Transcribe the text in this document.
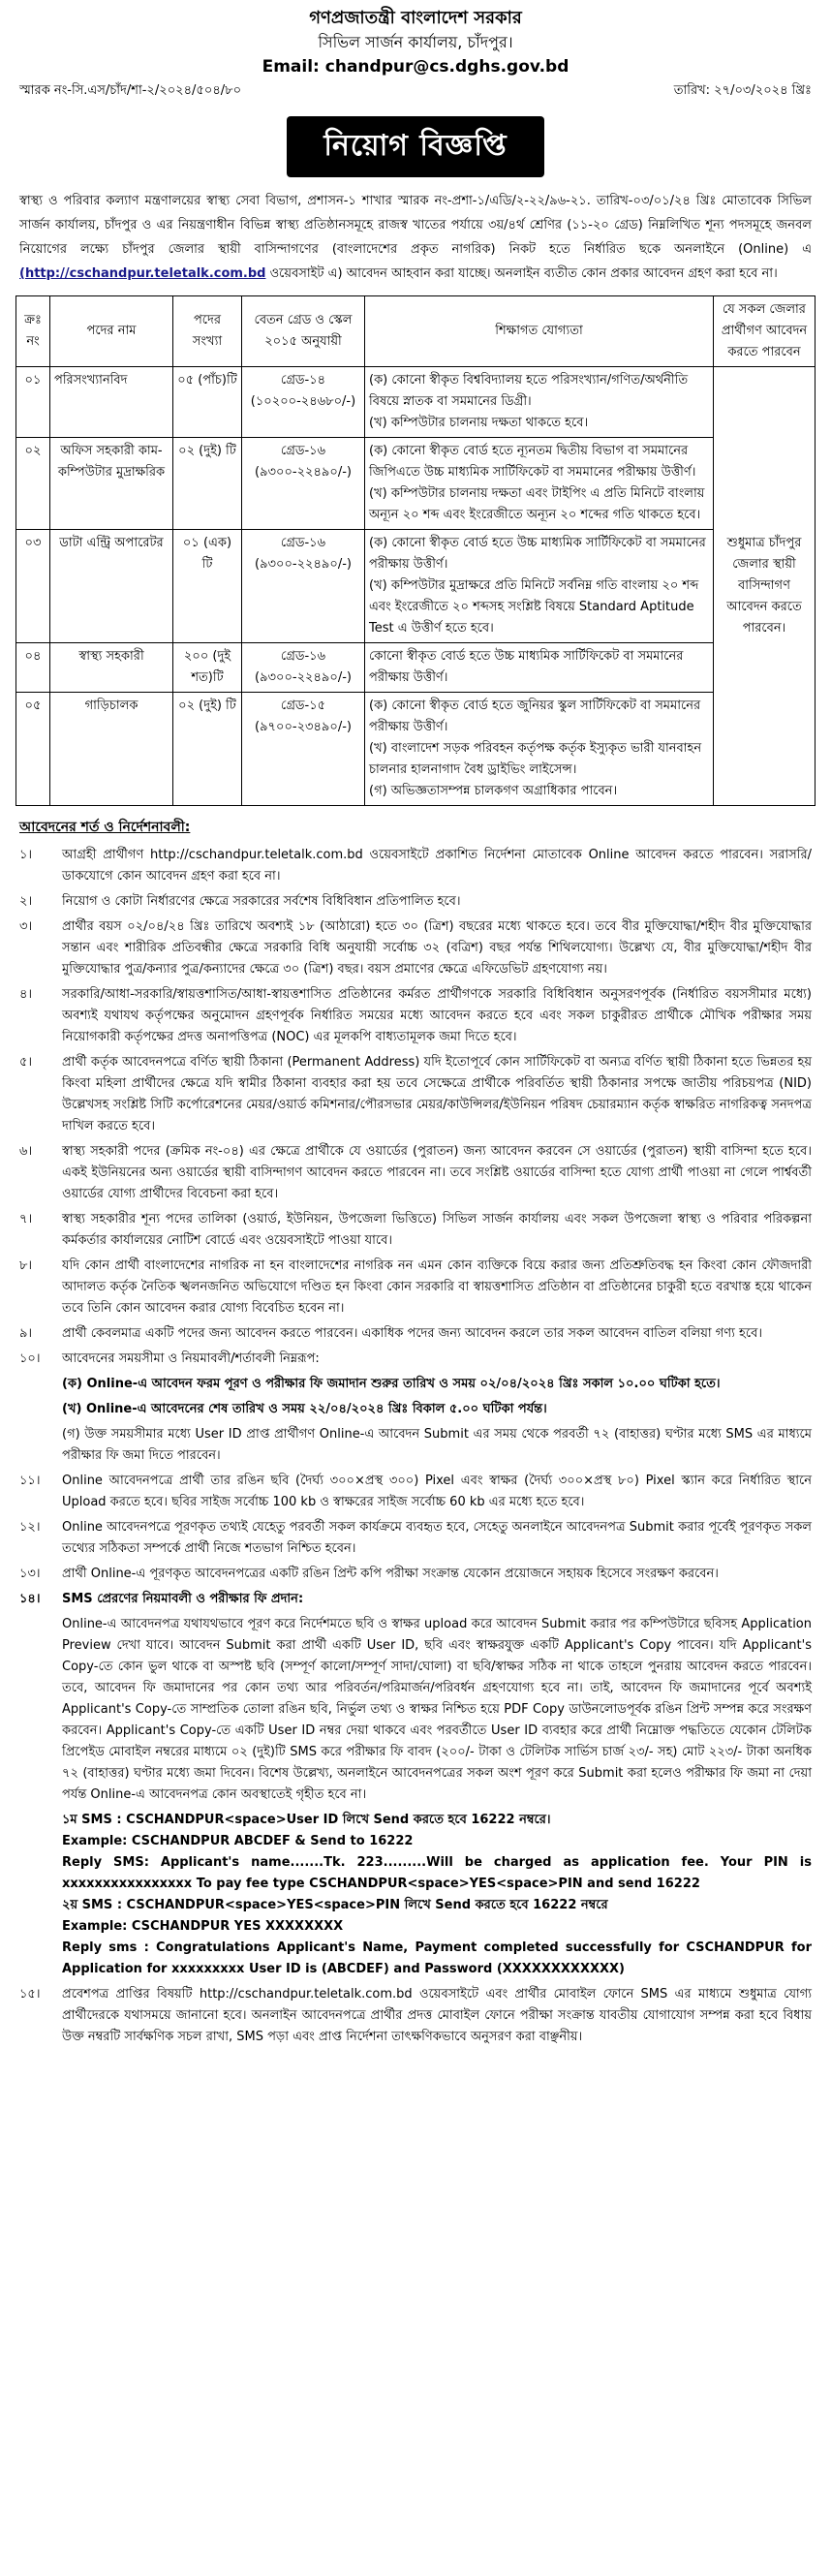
গণপ্রজাতন্ত্রী বাংলাদেশ সরকার
সিভিল সার্জন কার্যালয়, চাঁদপুর।
Email: chandpur@cs.dghs.gov.bd
স্মারক নং-সি.এস/চাঁদ/শা-২/২০২৪/৫০৪/৮০	তারিখ: ২৭/০৩/২০২৪ খ্রিঃ
নিয়োগ বিজ্ঞপ্তি
স্বাস্থ্য ও পরিবার কল্যাণ মন্ত্রণালয়ের স্বাস্থ্য সেবা বিভাগ, প্রশাসন-১ শাখার স্মারক নং-প্রশা-১/এডি/২-২২/৯৬-২১. তারিখ-০৩/০১/২৪ খ্রিঃ মোতাবেক সিভিল সার্জন কার্যালয়, চাঁদপুর ও এর নিয়ন্ত্রণাধীন বিভিন্ন স্বাস্থ্য প্রতিষ্ঠানসমূহে রাজস্ব খাতের পর্যায়ে ৩য়/৪র্থ শ্রেণির (১১-২০ গ্রেড) নিম্নলিখিত শূন্য পদসমূহে জনবল নিয়োগের লক্ষ্যে চাঁদপুর জেলার স্থায়ী বাসিন্দাগণের (বাংলাদেশের প্রকৃত নাগরিক) নিকট হতে নির্ধারিত ছকে অনলাইনে (Online) এ (http://cschandpur.teletalk.com.bd ওয়েবসাইট এ) আবেদন আহবান করা যাচ্ছে। অনলাইন ব্যতীত কোন প্রকার আবেদন গ্রহণ করা হবে না।
ক্রঃ নং	পদের নাম	পদের সংখ্যা	বেতন গ্রেড ও স্কেল ২০১৫ অনুযায়ী	শিক্ষাগত যোগ্যতা	যে সকল জেলার প্রার্থীগণ আবেদন করতে পারবেন
০১	পরিসংখ্যানবিদ	০৫ (পাঁচ)টি	গ্রেড-১৪ (১০২০০-২৪৬৮০/-)	(ক) কোনো স্বীকৃত বিশ্ববিদ্যালয় হতে পরিসংখ্যান/গণিত/অর্থনীতি বিষয়ে স্নাতক বা সমমানের ডিগ্রী।
(খ) কম্পিউটার চালনায় দক্ষতা থাকতে হবে।	শুধুমাত্র চাঁদপুর জেলার স্থায়ী বাসিন্দাগণ আবেদন করতে পারবেন।
০২	অফিস সহকারী কাম-কম্পিউটার মুদ্রাক্ষরিক	০২ (দুই) টি	গ্রেড-১৬ (৯৩০০-২২৪৯০/-)	(ক) কোনো স্বীকৃত বোর্ড হতে ন্যূনতম দ্বিতীয় বিভাগ বা সমমানের জিপিএতে উচ্চ মাধ্যমিক সার্টিফিকেট বা সমমানের পরীক্ষায় উত্তীর্ণ।
(খ) কম্পিউটার চালনায় দক্ষতা এবং টাইপিং এ প্রতি মিনিটে বাংলায় অন্যূন ২০ শব্দ এবং ইংরেজীতে অন্যূন ২০ শব্দের গতি থাকতে হবে।	

০৩	ডাটা এন্ট্রি অপারেটর	০১ (এক) টি	গ্রেড-১৬ (৯৩০০-২২৪৯০/-)	(ক) কোনো স্বীকৃত বোর্ড হতে উচ্চ মাধ্যমিক সার্টিফিকেট বা সমমানের পরীক্ষায় উত্তীর্ণ।
(খ) কম্পিউটার মুদ্রাক্ষরে প্রতি মিনিটে সর্বনিম্ন গতি বাংলায় ২০ শব্দ এবং ইংরেজীতে ২০ শব্দসহ সংশ্লিষ্ট বিষয়ে Standard Aptitude Test এ উত্তীর্ণ হতে হবে।	

০৪	স্বাস্থ্য সহকারী	২০০ (দুই শত)টি	গ্রেড-১৬ (৯৩০০-২২৪৯০/-)	কোনো স্বীকৃত বোর্ড হতে উচ্চ মাধ্যমিক সার্টিফিকেট বা সমমানের পরীক্ষায় উত্তীর্ণ।	

০৫	গাড়িচালক	০২ (দুই) টি	গ্রেড-১৫ (৯৭০০-২৩৪৯০/-)	(ক) কোনো স্বীকৃত বোর্ড হতে জুনিয়র স্কুল সার্টিফিকেট বা সমমানের পরীক্ষায় উত্তীর্ণ।
(খ) বাংলাদেশ সড়ক পরিবহন কর্তৃপক্ষ কর্তৃক ইস্যুকৃত ভারী যানবাহন চালনার হালনাগাদ বৈধ ড্রাইভিং লাইসেন্স।
(গ) অভিজ্ঞতাসম্পন্ন চালকগণ অগ্রাধিকার পাবেন।	
আবেদনের শর্ত ও নির্দেশনাবলী:
১।	আগ্রহী প্রার্থীগণ http://cschandpur.teletalk.com.bd ওয়েবসাইটে প্রকাশিত নির্দেশনা মোতাবেক Online আবেদন করতে পারবেন। সরাসরি/ডাকযোগে কোন আবেদন গ্রহণ করা হবে না।
২।	নিয়োগ ও কোটা নির্ধারণের ক্ষেত্রে সরকারের সর্বশেষ বিধিবিধান প্রতিপালিত হবে।
৩।	প্রার্থীর বয়স ০২/০৪/২৪ খ্রিঃ তারিখে অবশ্যই ১৮ (আঠারো) হতে ৩০ (ত্রিশ) বছরের মধ্যে থাকতে হবে। তবে বীর মুক্তিযোদ্ধা/শহীদ বীর মুক্তিযোদ্ধার সন্তান এবং শারীরিক প্রতিবন্ধীর ক্ষেত্রে সরকারি বিধি অনুযায়ী সর্বোচ্চ ৩২ (বত্রিশ) বছর পর্যন্ত শিথিলযোগ্য। উল্লেখ্য যে, বীর মুক্তিযোদ্ধা/শহীদ বীর মুক্তিযোদ্ধার পুত্র/কন্যার পুত্র/কন্যাদের ক্ষেত্রে ৩০ (ত্রিশ) বছর। বয়স প্রমাণের ক্ষেত্রে এফিডেভিট গ্রহণযোগ্য নয়।
৪।	সরকারি/আধা-সরকারি/স্বায়ত্তশাসিত/আধা-স্বায়ত্তশাসিত প্রতিষ্ঠানের কর্মরত প্রার্থীগণকে সরকারি বিধিবিধান অনুসরণপূর্বক (নির্ধারিত বয়সসীমার মধ্যে) অবশ্যই যথাযথ কর্তৃপক্ষের অনুমোদন গ্রহণপূর্বক নির্ধারিত সময়ের মধ্যে আবেদন করতে হবে এবং সকল চাকুরীরত প্রার্থীকে মৌখিক পরীক্ষার সময় নিয়োগকারী কর্তৃপক্ষের প্রদত্ত অনাপত্তিপত্র (NOC) এর মূলকপি বাধ্যতামূলক জমা দিতে হবে।
৫।	প্রার্থী কর্তৃক আবেদনপত্রে বর্ণিত স্থায়ী ঠিকানা (Permanent Address) যদি ইতোপূর্বে কোন সার্টিফিকেট বা অন্যত্র বর্ণিত স্থায়ী ঠিকানা হতে ভিন্নতর হয় কিংবা মহিলা প্রার্থীদের ক্ষেত্রে যদি স্বামীর ঠিকানা ব্যবহার করা হয় তবে সেক্ষেত্রে প্রার্থীকে পরিবর্তিত স্থায়ী ঠিকানার সপক্ষে জাতীয় পরিচয়পত্র (NID) উল্লেখসহ সংশ্লিষ্ট সিটি কর্পোরেশনের মেয়র/ওয়ার্ড কমিশনার/পৌরসভার মেয়র/কাউন্সিলর/ইউনিয়ন পরিষদ চেয়ারম্যান কর্তৃক স্বাক্ষরিত নাগরিকত্ব সনদপত্র দাখিল করতে হবে।
৬।	স্বাস্থ্য সহকারী পদের (ক্রমিক নং-০৪) এর ক্ষেত্রে প্রার্থীকে যে ওয়ার্ডের (পুরাতন) জন্য আবেদন করবেন সে ওয়ার্ডের (পুরাতন) স্থায়ী বাসিন্দা হতে হবে। একই ইউনিয়নের অন্য ওয়ার্ডের স্থায়ী বাসিন্দাগণ আবেদন করতে পারবেন না। তবে সংশ্লিষ্ট ওয়ার্ডের বাসিন্দা হতে যোগ্য প্রার্থী পাওয়া না গেলে পার্শ্ববর্তী ওয়ার্ডের যোগ্য প্রার্থীদের বিবেচনা করা হবে।
৭।	স্বাস্থ্য সহকারীর শূন্য পদের তালিকা (ওয়ার্ড, ইউনিয়ন, উপজেলা ভিত্তিতে) সিভিল সার্জন কার্যালয় এবং সকল উপজেলা স্বাস্থ্য ও পরিবার পরিকল্পনা কর্মকর্তার কার্যালয়ের নোটিশ বোর্ডে এবং ওয়েবসাইটে পাওয়া যাবে।
৮।	যদি কোন প্রার্থী বাংলাদেশের নাগরিক না হন বাংলাদেশের নাগরিক নন এমন কোন ব্যক্তিকে বিয়ে করার জন্য প্রতিশ্রুতিবদ্ধ হন কিংবা কোন ফৌজদারী আদালত কর্তৃক নৈতিক স্খলনজনিত অভিযোগে দণ্ডিত হন কিংবা কোন সরকারি বা স্বায়ত্তশাসিত প্রতিষ্ঠান বা প্রতিষ্ঠানের চাকুরী হতে বরখাস্ত হয়ে থাকেন তবে তিনি কোন আবেদন করার যোগ্য বিবেচিত হবেন না।
৯।	প্রার্থী কেবলমাত্র একটি পদের জন্য আবেদন করতে পারবেন। একাধিক পদের জন্য আবেদন করলে তার সকল আবেদন বাতিল বলিয়া গণ্য হবে।
১০।	আবেদনের সময়সীমা ও নিয়মাবলী/শর্তাবলী নিম্নরূপ:
(ক) Online-এ আবেদন ফরম পূরণ ও পরীক্ষার ফি জমাদান শুরুর তারিখ ও সময় ০২/০৪/২০২৪ খ্রিঃ সকাল ১০.০০ ঘটিকা হতে।
(খ) Online-এ আবেদনের শেষ তারিখ ও সময় ২২/০৪/২০২৪ খ্রিঃ বিকাল ৫.০০ ঘটিকা পর্যন্ত।
(গ) উক্ত সময়সীমার মধ্যে User ID প্রাপ্ত প্রার্থীগণ Online-এ আবেদন Submit এর সময় থেকে পরবর্তী ৭২ (বাহাত্তর) ঘণ্টার মধ্যে SMS এর মাধ্যমে পরীক্ষার ফি জমা দিতে পারবেন।
১১।	Online আবেদনপত্রে প্রার্থী তার রঙিন ছবি (দৈর্ঘ্য ৩০০×প্রস্থ ৩০০) Pixel এবং স্বাক্ষর (দৈর্ঘ্য ৩০০×প্রস্থ ৮০) Pixel স্ক্যান করে নির্ধারিত স্থানে Upload করতে হবে। ছবির সাইজ সর্বোচ্চ 100 kb ও স্বাক্ষরের সাইজ সর্বোচ্চ 60 kb এর মধ্যে হতে হবে।
১২।	Online আবেদনপত্রে পূরণকৃত তথ্যই যেহেতু পরবর্তী সকল কার্যক্রমে ব্যবহৃত হবে, সেহেতু অনলাইনে আবেদনপত্র Submit করার পূর্বেই পূরণকৃত সকল তথ্যের সঠিকতা সম্পর্কে প্রার্থী নিজে শতভাগ নিশ্চিত হবেন।
১৩।	প্রার্থী Online-এ পূরণকৃত আবেদনপত্রের একটি রঙিন প্রিন্ট কপি পরীক্ষা সংক্রান্ত যেকোন প্রয়োজনে সহায়ক হিসেবে সংরক্ষণ করবেন।
১৪।	SMS প্রেরণের নিয়মাবলী ও পরীক্ষার ফি প্রদান:
Online-এ আবেদনপত্র যথাযথভাবে পূরণ করে নির্দেশমতে ছবি ও স্বাক্ষর upload করে আবেদন Submit করার পর কম্পিউটারে ছবিসহ Application Preview দেখা যাবে। আবেদন Submit করা প্রার্থী একটি User ID, ছবি এবং স্বাক্ষরযুক্ত একটি Applicant's Copy পাবেন। যদি Applicant's Copy-তে কোন ভুল থাকে বা অস্পষ্ট ছবি (সম্পূর্ণ কালো/সম্পূর্ণ সাদা/ঘোলা) বা ছবি/স্বাক্ষর সঠিক না থাকে তাহলে পুনরায় আবেদন করতে পারবেন। তবে, আবেদন ফি জমাদানের পর কোন তথ্য আর পরিবর্তন/পরিমার্জন/পরিবর্ধন গ্রহণযোগ্য হবে না। তাই, আবেদন ফি জমাদানের পূর্বে অবশ্যই Applicant's Copy-তে সাম্প্রতিক তোলা রঙিন ছবি, নির্ভুল তথ্য ও স্বাক্ষর নিশ্চিত হয়ে PDF Copy ডাউনলোডপূর্বক রঙিন প্রিন্ট সম্পন্ন করে সংরক্ষণ করবেন। Applicant's Copy-তে একটি User ID নম্বর দেয়া থাকবে এবং পরবর্তীতে User ID ব্যবহার করে প্রার্থী নিম্নোক্ত পদ্ধতিতে যেকোন টেলিটক প্রিপেইড মোবাইল নম্বরের মাধ্যমে ০২ (দুই)টি SMS করে পরীক্ষার ফি বাবদ (২০০/- টাকা ও টেলিটক সার্ভিস চার্জ ২৩/- সহ) মোট ২২৩/- টাকা অনধিক ৭২ (বাহাত্তর) ঘণ্টার মধ্যে জমা দিবেন। বিশেষ উল্লেখ্য, অনলাইনে আবেদনপত্রের সকল অংশ পূরণ করে Submit করা হলেও পরীক্ষার ফি জমা না দেয়া পর্যন্ত Online-এ আবেদনপত্র কোন অবস্থাতেই গৃহীত হবে না।

১ম SMS : CSCHANDPUR<space>User ID লিখে Send করতে হবে 16222 নম্বরে।

Example: CSCHANDPUR ABCDEF & Send to 16222

Reply SMS: Applicant's name.......Tk. 223.........Will be charged as application fee. Your PIN is xxxxxxxxxxxxxxxx To pay fee type CSCHANDPUR<space>YES<space>PIN and send 16222

২য় SMS : CSCHANDPUR<space>YES<space>PIN লিখে Send করতে হবে 16222 নম্বরে

Example: CSCHANDPUR YES XXXXXXXX

Reply sms : Congratulations Applicant's Name, Payment completed successfully for CSCHANDPUR for Application for xxxxxxxxx User ID is (ABCDEF) and Password (XXXXXXXXXXXX)

১৫।	প্রবেশপত্র প্রাপ্তির বিষয়টি http://cschandpur.teletalk.com.bd ওয়েবসাইটে এবং প্রার্থীর মোবাইল ফোনে SMS এর মাধ্যমে শুধুমাত্র যোগ্য প্রার্থীদেরকে যথাসময়ে জানানো হবে। অনলাইন আবেদনপত্রে প্রার্থীর প্রদত্ত মোবাইল ফোনে পরীক্ষা সংক্রান্ত যাবতীয় যোগাযোগ সম্পন্ন করা হবে বিধায় উক্ত নম্বরটি সার্বক্ষণিক সচল রাখা, SMS পড়া এবং প্রাপ্ত নির্দেশনা তাৎক্ষণিকভাবে অনুসরণ করা বাঞ্ছনীয়।
